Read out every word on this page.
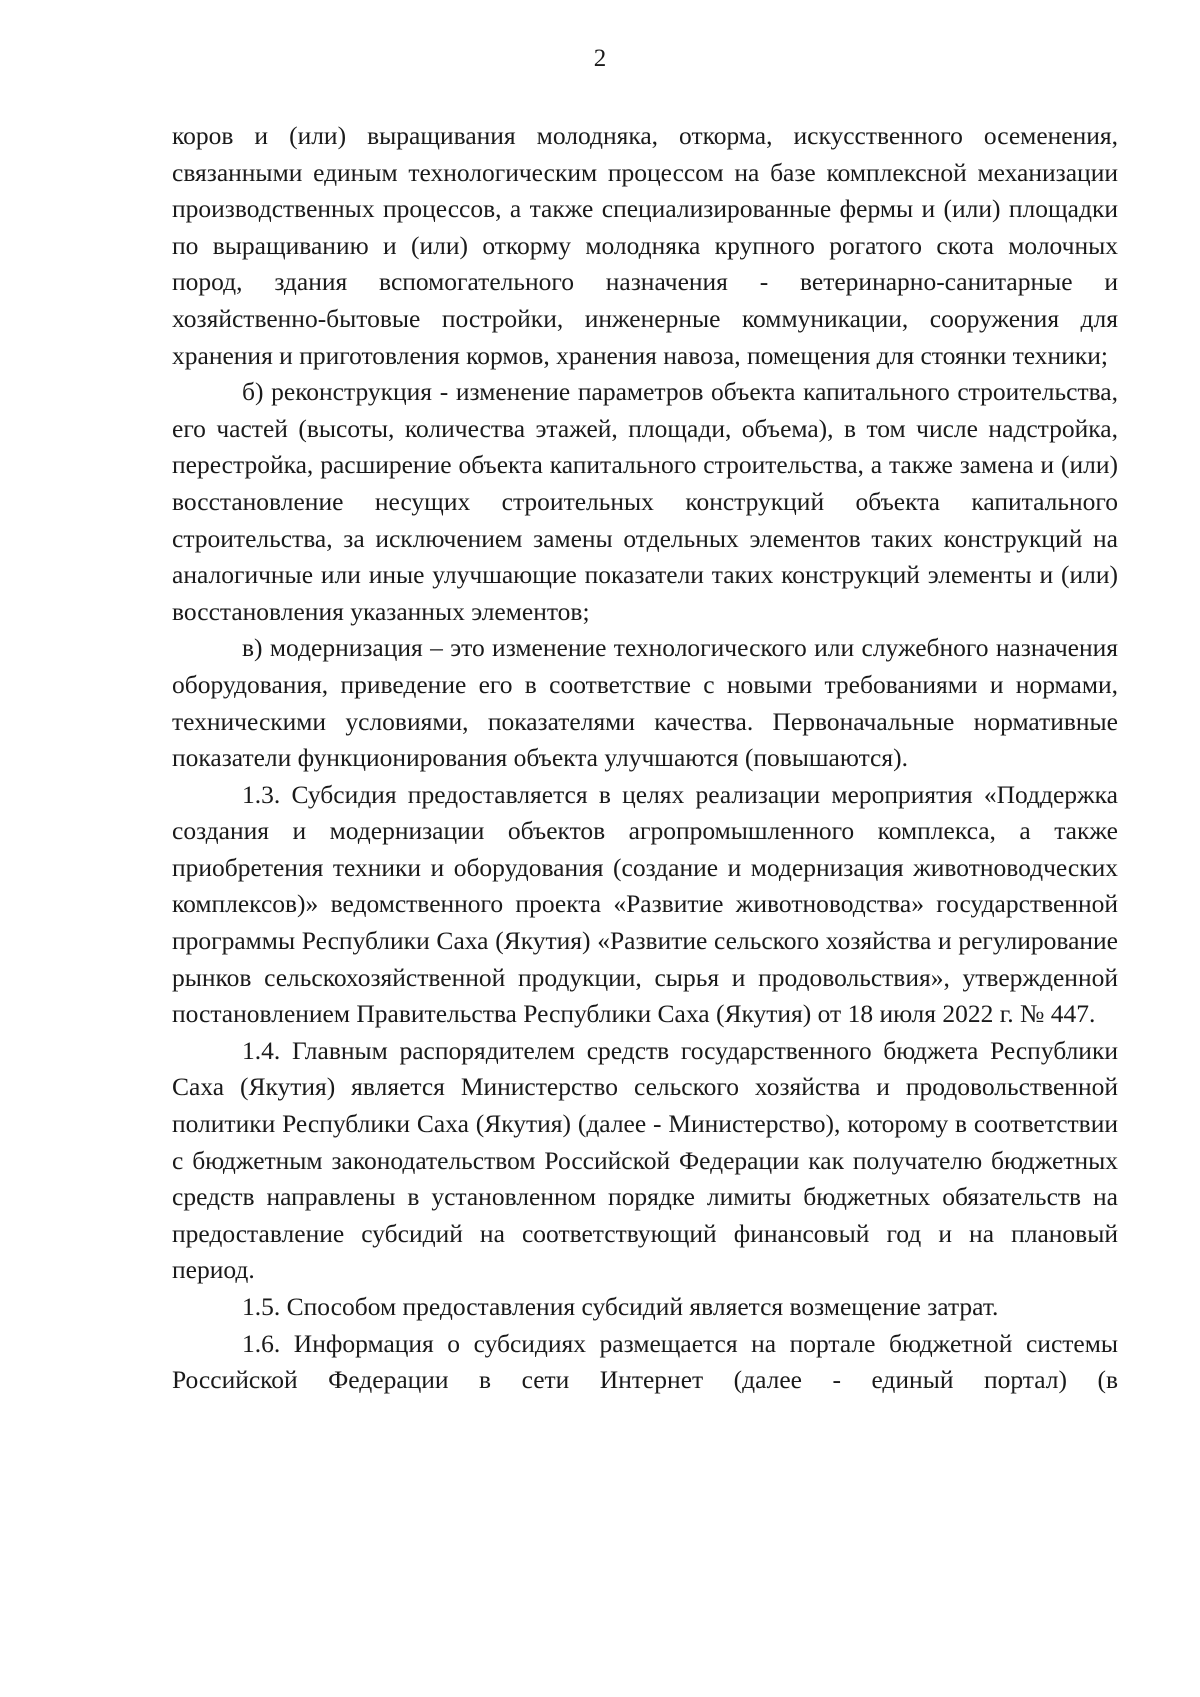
2

коров и (или) выращивания молодняка, откорма, искусственного осеменения, связанными единым технологическим процессом на базе комплексной механизации производственных процессов, а также специализированные фермы и (или) площадки по выращиванию и (или) откорму молодняка крупного рогатого скота молочных пород, здания вспомогательного назначения - ветеринарно-санитарные и хозяйственно-бытовые постройки, инженерные коммуникации, сооружения для хранения и приготовления кормов, хранения навоза, помещения для стоянки техники;

б) реконструкция - изменение параметров объекта капитального строительства, его частей (высоты, количества этажей, площади, объема), в том числе надстройка, перестройка, расширение объекта капитального строительства, а также замена и (или) восстановление несущих строительных конструкций объекта капитального строительства, за исключением замены отдельных элементов таких конструкций на аналогичные или иные улучшающие показатели таких конструкций элементы и (или) восстановления указанных элементов;

в) модернизация – это изменение технологического или служебного назначения оборудования, приведение его в соответствие с новыми требованиями и нормами, техническими условиями, показателями качества. Первоначальные нормативные показатели функционирования объекта улучшаются (повышаются).

1.3. Субсидия предоставляется в целях реализации мероприятия «Поддержка создания и модернизации объектов агропромышленного комплекса, а также приобретения техники и оборудования (создание и модернизация животноводческих комплексов)» ведомственного проекта «Развитие животноводства» государственной программы Республики Саха (Якутия) «Развитие сельского хозяйства и регулирование рынков сельскохозяйственной продукции, сырья и продовольствия», утвержденной постановлением Правительства Республики Саха (Якутия) от 18 июля 2022 г. № 447.

1.4. Главным распорядителем средств государственного бюджета Республики Саха (Якутия) является Министерство сельского хозяйства и продовольственной политики Республики Саха (Якутия) (далее - Министерство), которому в соответствии с бюджетным законодательством Российской Федерации как получателю бюджетных средств направлены в установленном порядке лимиты бюджетных обязательств на предоставление субсидий на соответствующий финансовый год и на плановый период.

1.5. Способом предоставления субсидий является возмещение затрат.

1.6. Информация о субсидиях размещается на портале бюджетной системы Российской Федерации в сети Интернет (далее - единый портал) (в
